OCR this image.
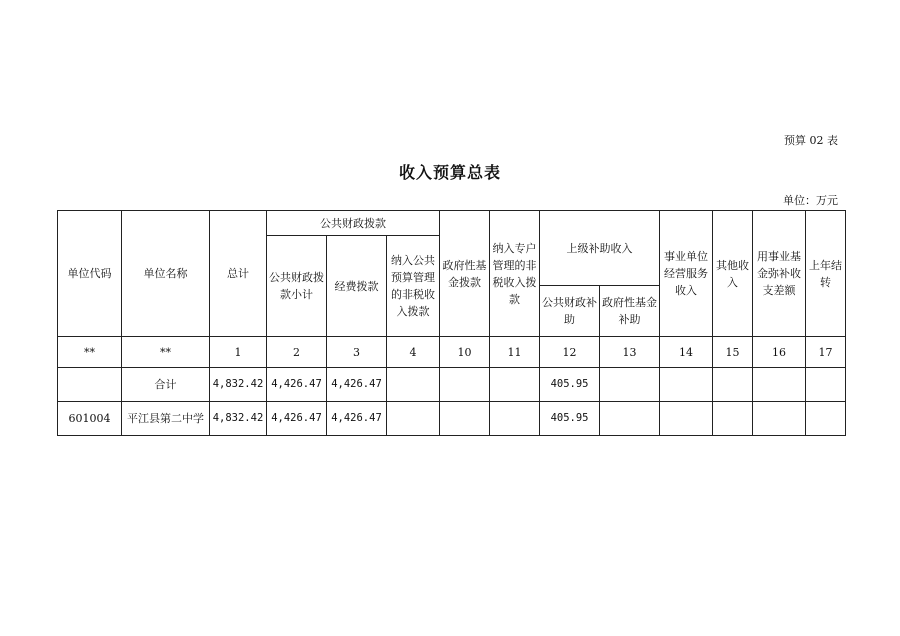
预算 02 表
收入预算总表
单位：万元
单位代码	单位名称	总计	公共财政拨款			政府性基金拨款	纳入专户管理的非税收入拨款	上级补助收入		事业单位经营服务收入	其他收入	用事业基金弥补收支差额	上年结转
			公共财政拨款小计	经费拨款	纳入公共预算管理的非税收入拨款								
								公共财政补助	政府性基金补助				
**	**	1	2	3	4	10	11	12	13	14	15	16	17
	合计	4,832.42	4,426.47	4,426.47				405.95					
601004	平江县第二中学	4,832.42	4,426.47	4,426.47				405.95					
